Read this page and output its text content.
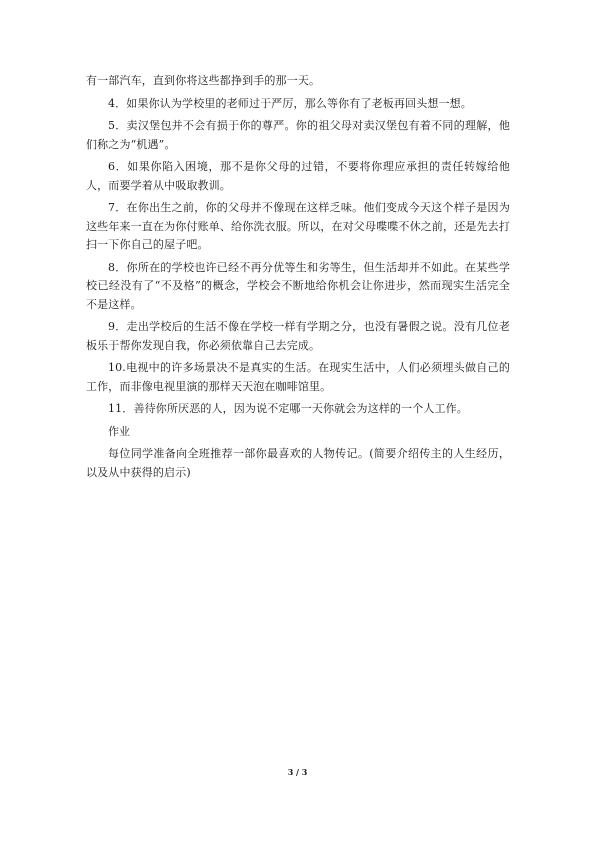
有一部汽车，直到你将这些都挣到手的那一天。

4．如果你认为学校里的老师过于严厉，那么等你有了老板再回头想一想。

5．卖汉堡包并不会有损于你的尊严。你的祖父母对卖汉堡包有着不同的理解，他们称之为“机遇”。

6．如果你陷入困境，那不是你父母的过错，不要将你理应承担的责任转嫁给他人，而要学着从中吸取教训。

7．在你出生之前，你的父母并不像现在这样乏味。他们变成今天这个样子是因为这些年来一直在为你付账单、给你洗衣服。所以，在对父母喋喋不休之前，还是先去打扫一下你自己的屋子吧。

8．你所在的学校也许已经不再分优等生和劣等生，但生活却并不如此。在某些学校已经没有了“不及格”的概念，学校会不断地给你机会让你进步，然而现实生活完全不是这样。

9．走出学校后的生活不像在学校一样有学期之分，也没有暑假之说。没有几位老板乐于帮你发现自我，你必须依靠自己去完成。

10.电视中的许多场景决不是真实的生活。在现实生活中，人们必须埋头做自己的工作，而非像电视里演的那样天天泡在咖啡馆里。

11．善待你所厌恶的人，因为说不定哪一天你就会为这样的一个人工作。

作业

每位同学准备向全班推荐一部你最喜欢的人物传记。(简要介绍传主的人生经历，以及从中获得的启示)

3 / 3
